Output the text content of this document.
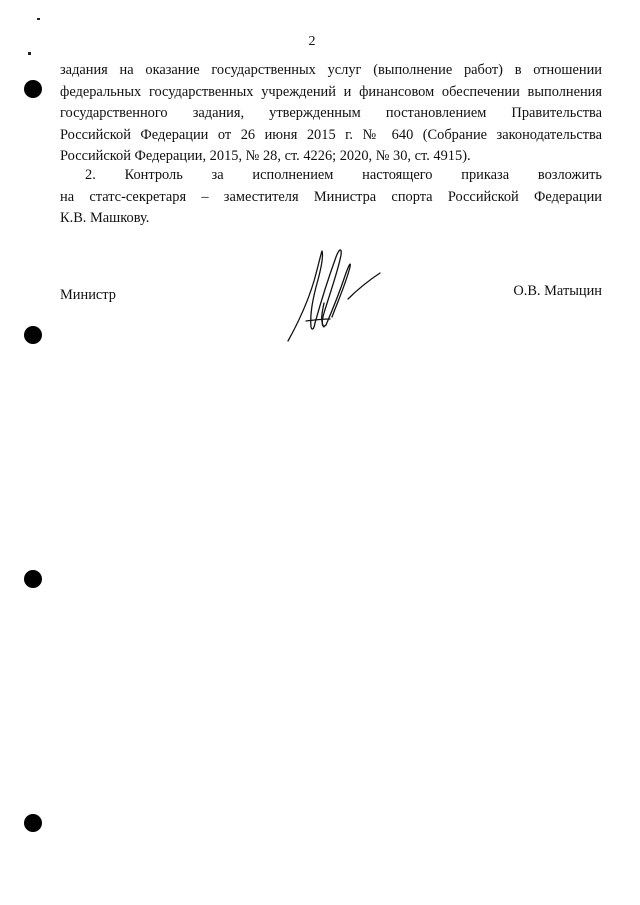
2
задания на оказание государственных услуг (выполнение работ) в отношении
федеральных государственных учреждений и финансовом обеспечении выполнения
государственного задания, утвержденным постановлением Правительства
Российской Федерации от 26 июня 2015 г. № 640 (Собрание законодательства
Российской Федерации, 2015, № 28, ст. 4226; 2020, № 30, ст. 4915).
2. Контроль за исполнением настоящего приказа возложить
на статс-секретаря – заместителя Министра спорта Российской Федерации
К.В. Машкову.
Министр	О.В. Матыцин
